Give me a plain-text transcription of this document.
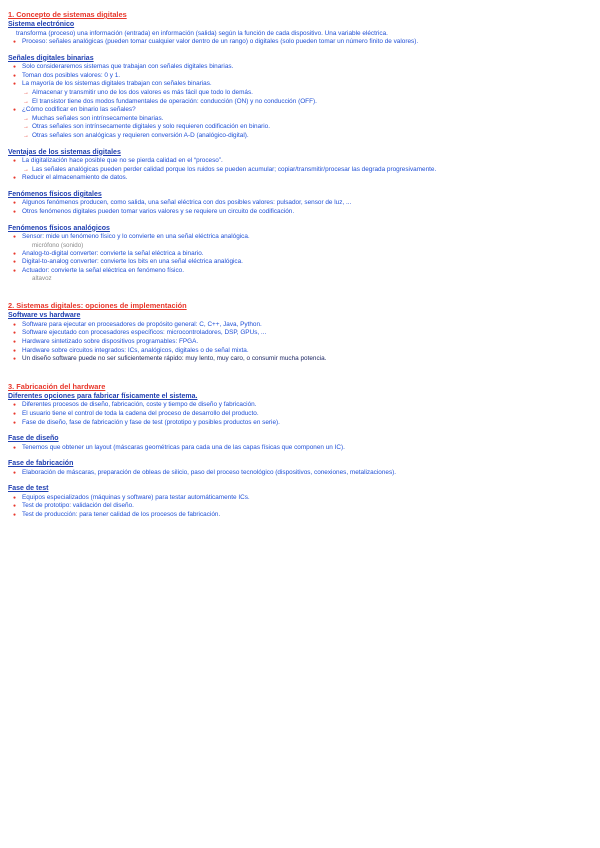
1. Concepto de sistemas digitales
Sistema electrónico
transforma (proceso) una información (entrada) en información (salida) según la función de cada dispositivo. Una variable eléctrica.
● Proceso: señales analógicas (pueden tomar cualquier valor dentro de un rango) o digitales (solo pueden tomar un número finito de valores).
Señales digitales binarias
● Solo consideraremos sistemas que trabajan con señales digitales binarias.
● Toman dos posibles valores: 0 y 1.
● La mayoría de los sistemas digitales trabajan con señales binarias.
→ Almacenar y transmitir uno de los dos valores es más fácil que todo lo demás.
→ El transistor tiene dos modos fundamentales de operación: conducción (ON) y no conducción (OFF).
● ¿Cómo codificar en binario las señales?
→ Muchas señales son intrínsecamente binarias.
→ Otras señales son intrínsecamente digitales y solo requieren codificación en binario.
→ Otras señales son analógicas y requieren conversión A-D (analógico-digital).
Ventajas de los sistemas digitales
● La digitalización hace posible que no se pierda calidad en el “proceso”.
→ Las señales analógicas pueden perder calidad porque los ruidos se pueden acumular; copiar/transmitir/procesar las degrada progresivamente.
● Reducir el almacenamiento de datos.
Fenómenos físicos digitales
● Algunos fenómenos producen, como salida, una señal eléctrica con dos posibles valores: pulsador, sensor de luz, ...
● Otros fenómenos digitales pueden tomar varios valores y se requiere un circuito de codificación.
Fenómenos físicos analógicos
● Sensor: mide un fenómeno físico y lo convierte en una señal eléctrica analógica.
micrófono (sonido)
● Analog-to-digital converter: convierte la señal eléctrica a binario.
● Digital-to-analog converter: convierte los bits en una señal eléctrica analógica.
● Actuador: convierte la señal eléctrica en fenómeno físico.
altavoz
2. Sistemas digitales: opciones de implementación
Software vs hardware
● Software para ejecutar en procesadores de propósito general: C, C++, Java, Python.
● Software ejecutado con procesadores específicos: microcontroladores, DSP, GPUs, ...
● Hardware sintetizado sobre dispositivos programables: FPGA.
● Hardware sobre circuitos integrados: ICs, analógicos, digitales o de señal mixta.
● Un diseño software puede no ser suficientemente rápido: muy lento, muy caro, o consumir mucha potencia.
3. Fabricación del hardware
Diferentes opciones para fabricar físicamente el sistema.
● Diferentes procesos de diseño, fabricación, coste y tiempo de diseño y fabricación.
● El usuario tiene el control de toda la cadena del proceso de desarrollo del producto.
● Fase de diseño, fase de fabricación y fase de test (prototipo y posibles productos en serie).
Fase de diseño
● Tenemos que obtener un layout (máscaras geométricas para cada una de las capas físicas que componen un IC).
Fase de fabricación
● Elaboración de máscaras, preparación de obleas de silicio, paso del proceso tecnológico (dispositivos, conexiones, metalizaciones).
Fase de test
● Equipos especializados (máquinas y software) para testar automáticamente ICs.
● Test de prototipo: validación del diseño.
● Test de producción: para tener calidad de los procesos de fabricación.
